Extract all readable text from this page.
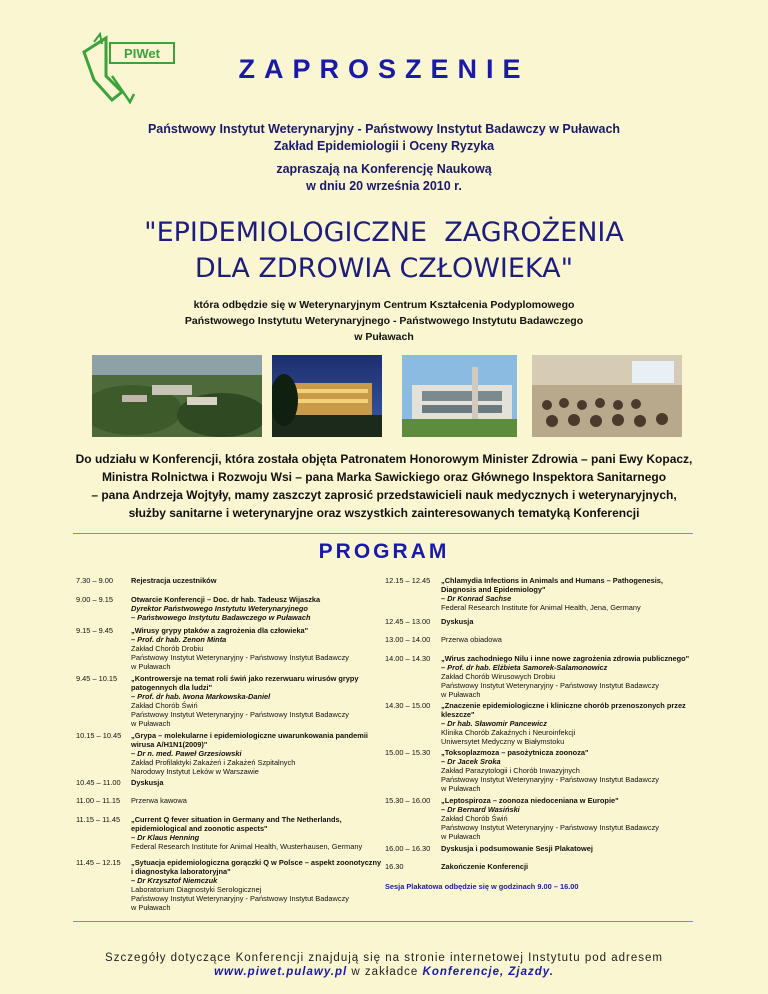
PIWet
ZAPROSZENIE
Państwowy Instytut Weterynaryjny - Państwowy Instytut Badawczy w Puławach
Zakład Epidemiologii i Oceny Ryzyka
zapraszają na Konferencję Naukową
w dniu 20 września 2010 r.
"EPIDEMIOLOGICZNE  ZAGROŻENIA
DLA ZDROWIA CZŁOWIEKA"
która odbędzie się w Weterynaryjnym Centrum Kształcenia Podyplomowego
Państwowego Instytutu Weterynaryjnego - Państwowego Instytutu Badawczego
w Puławach
Do udziału w Konferencji, która została objęta Patronatem Honorowym Minister Zdrowia – pani Ewy Kopacz,
Ministra Rolnictwa i Rozwoju Wsi – pana Marka Sawickiego oraz Głównego Inspektora Sanitarnego
– pana Andrzeja Wojtyły, mamy zaszczyt zaprosić przedstawicieli nauk medycznych i weterynaryjnych,
służby sanitarne i weterynaryjne oraz wszystkich zainteresowanych tematyką Konferencji
PROGRAM
7.30 – 9.00 Rejestracja uczestników
9.00 – 9.15 Otwarcie Konferencji – Doc. dr hab. Tadeusz Wijaszka
Dyrektor Państwowego Instytutu Weterynaryjnego
– Państwowego Instytutu Badawczego w Puławach
9.15 – 9.45 „Wirusy grypy ptaków a zagrożenia dla człowieka"
– Prof. dr hab. Zenon Minta
Zakład Chorób Drobiu
Państwowy Instytut Weterynaryjny - Państwowy Instytut Badawczy
w Puławach
9.45 – 10.15 „Kontrowersje na temat roli świń jako rezerwuaru wirusów grypy
patogennych dla ludzi"
– Prof. dr hab. Iwona Markowska-Daniel
Zakład Chorób Świń
Państwowy Instytut Weterynaryjny - Państwowy Instytut Badawczy
w Puławach
10.15 – 10.45 „Grypa – molekularne i epidemiologiczne uwarunkowania pandemii
wirusa A/H1N1(2009)"
– Dr n. med. Paweł Grzesiowski
Zakład Profilaktyki Zakażeń i Zakażeń Szpitalnych
Narodowy Instytut Leków w Warszawie
10.45 – 11.00 Dyskusja
11.00 – 11.15 Przerwa kawowa
11.15 – 11.45 „Current Q fever situation in Germany and The Netherlands,
epidemiological and zoonotic aspects"
– Dr Klaus Henning
Federal Research Institute for Animal Health, Wusterhausen, Germany
11.45 – 12.15 „Sytuacja epidemiologiczna gorączki Q w Polsce – aspekt zoonotyczny
i diagnostyka laboratoryjna"
– Dr Krzysztof Niemczuk
Laboratorium Diagnostyki Serologicznej
Państwowy Instytut Weterynaryjny - Państwowy Instytut Badawczy
w Puławach
12.15 – 12.45 „Chlamydia Infections in Animals and Humans – Pathogenesis,
Diagnosis and Epidemiology"
– Dr Konrad Sachse
Federal Research Institute for Animal Health, Jena, Germany
12.45 – 13.00 Dyskusja
13.00 – 14.00 Przerwa obiadowa
14.00 – 14.30 „Wirus zachodniego Nilu i inne nowe zagrożenia zdrowia publicznego"
– Prof. dr hab. Elżbieta Samorek-Salamonowicz
Zakład Chorób Wirusowych Drobiu
Państwowy Instytut Weterynaryjny - Państwowy Instytut Badawczy
w Puławach
14.30 – 15.00 „Znaczenie epidemiologiczne i kliniczne chorób przenoszonych przez
kleszcze"
– Dr hab. Sławomir Pancewicz
Klinika Chorób Zakaźnych i Neuroinfekcji
Uniwersytet Medyczny w Białymstoku
15.00 – 15.30 „Toksoplazmoza – pasożytnicza zoonoza"
– Dr Jacek Sroka
Zakład Parazytologii i Chorób Inwazyjnych
Państwowy Instytut Weterynaryjny - Państwowy Instytut Badawczy
w Puławach
15.30 – 16.00 „Leptospiroza – zoonoza niedoceniana w Europie"
– Dr Bernard Wasiński
Zakład Chorób Świń
Państwowy Instytut Weterynaryjny - Państwowy Instytut Badawczy
w Puławach
16.00 – 16.30 Dyskusja i podsumowanie Sesji Plakatowej
16.30	Zakończenie Konferencji
Sesja Plakatowa odbędzie się w godzinach 9.00 – 16.00
Szczegóły dotyczące Konferencji znajdują się na stronie internetowej Instytutu pod adresem
www.piwet.pulawy.pl w zakładce Konferencje, Zjazdy.
